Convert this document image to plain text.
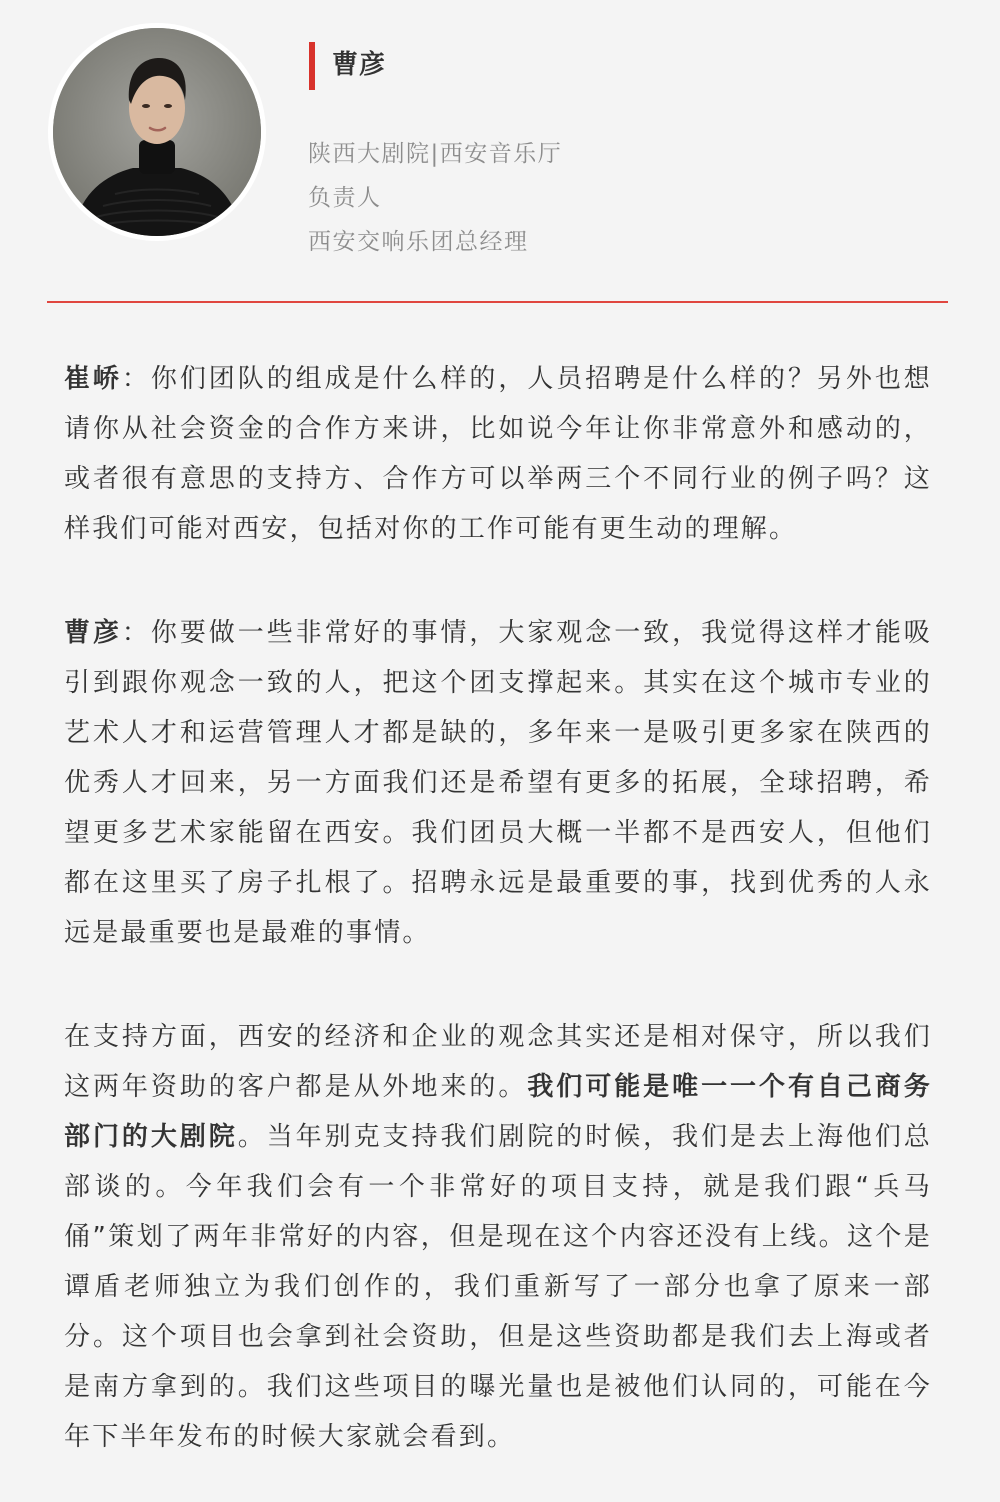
曹彦
陕西大剧院|西安音乐厅
负责人
西安交响乐团总经理

崔峤：你们团队的组成是什么样的，人员招聘是什么样的？另外也想请你从社会资金的合作方来讲，比如说今年让你非常意外和感动的，或者很有意思的支持方、合作方可以举两三个不同行业的例子吗？这样我们可能对西安，包括对你的工作可能有更生动的理解。

曹彦：你要做一些非常好的事情，大家观念一致，我觉得这样才能吸引到跟你观念一致的人，把这个团支撑起来。其实在这个城市专业的艺术人才和运营管理人才都是缺的，多年来一是吸引更多家在陕西的优秀人才回来，另一方面我们还是希望有更多的拓展，全球招聘，希望更多艺术家能留在西安。我们团员大概一半都不是西安人，但他们都在这里买了房子扎根了。招聘永远是最重要的事，找到优秀的人永远是最重要也是最难的事情。

在支持方面，西安的经济和企业的观念其实还是相对保守，所以我们这两年资助的客户都是从外地来的。我们可能是唯一一个有自己商务部门的大剧院。当年别克支持我们剧院的时候，我们是去上海他们总部谈的。今年我们会有一个非常好的项目支持，就是我们跟“兵马俑”策划了两年非常好的内容，但是现在这个内容还没有上线。这个是谭盾老师独立为我们创作的，我们重新写了一部分也拿了原来一部分。这个项目也会拿到社会资助，但是这些资助都是我们去上海或者是南方拿到的。我们这些项目的曝光量也是被他们认同的，可能在今年下半年发布的时候大家就会看到。
